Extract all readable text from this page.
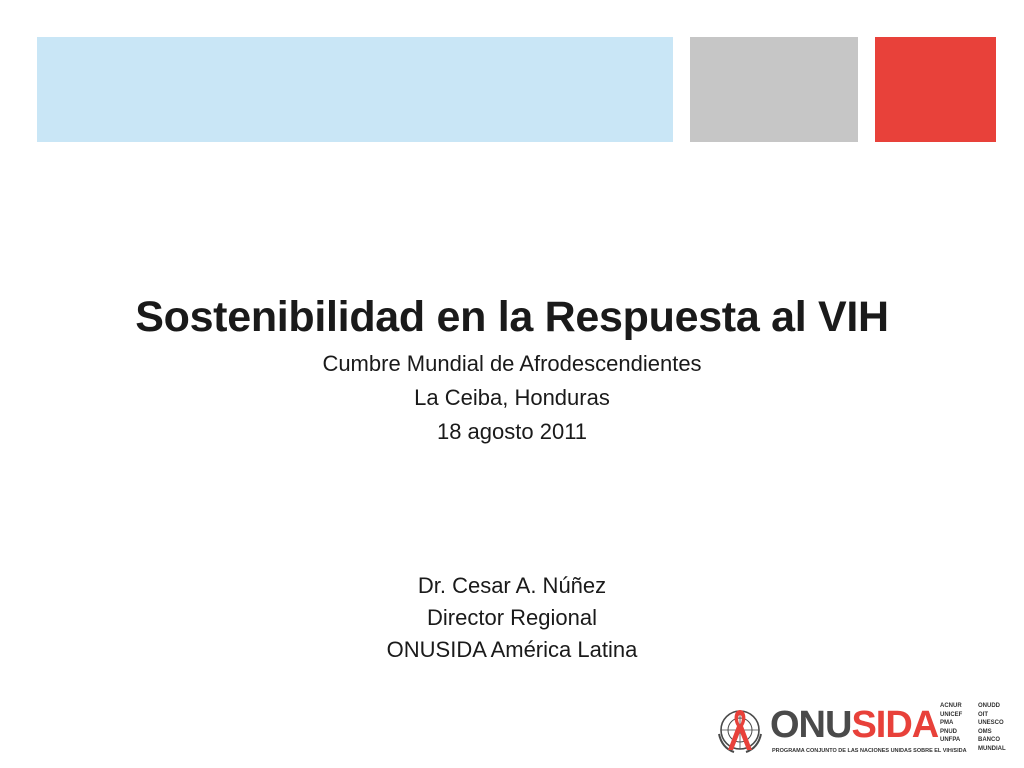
Sostenibilidad en la Respuesta al VIH

Cumbre Mundial de Afrodescendientes

La Ceiba, Honduras

18 agosto 2011

Dr. Cesar A. Núñez

Director Regional

ONUSIDA América Latina

ONUSIDA
PROGRAMA CONJUNTO DE LAS NACIONES UNIDAS SOBRE EL VIH/SIDA
ACNUR
UNICEF
PMA
PNUD
UNFPA
ONUDD
OIT
UNESCO
OMS
BANCO MUNDIAL
